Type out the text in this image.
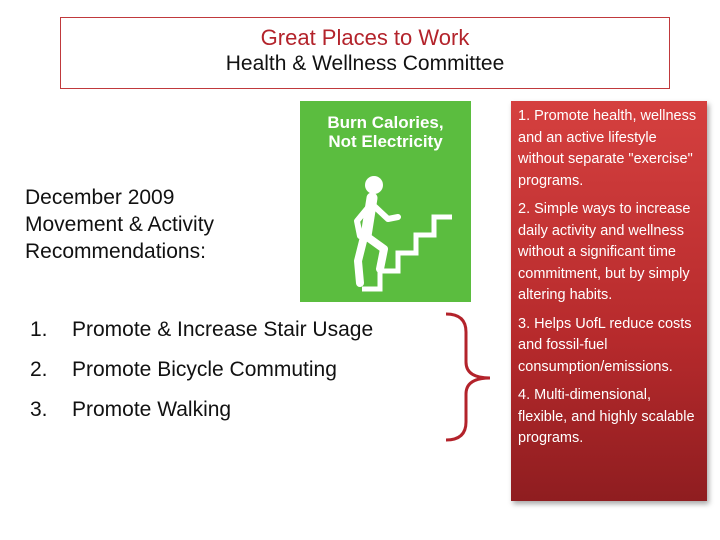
Great Places to Work
Health & Wellness Committee
Burn Calories,
Not Electricity
December 2009
Movement & Activity
Recommendations:
1. Promote & Increase Stair Usage
2. Promote Bicycle Commuting
3. Promote Walking

1. Promote health, wellness and an active lifestyle without separate "exercise" programs.

2. Simple ways to increase daily activity and wellness without a significant time commitment, but by simply altering habits.

3. Helps UofL reduce costs and fossil-fuel consumption/emissions.

4. Multi-dimensional, flexible, and highly scalable programs.
